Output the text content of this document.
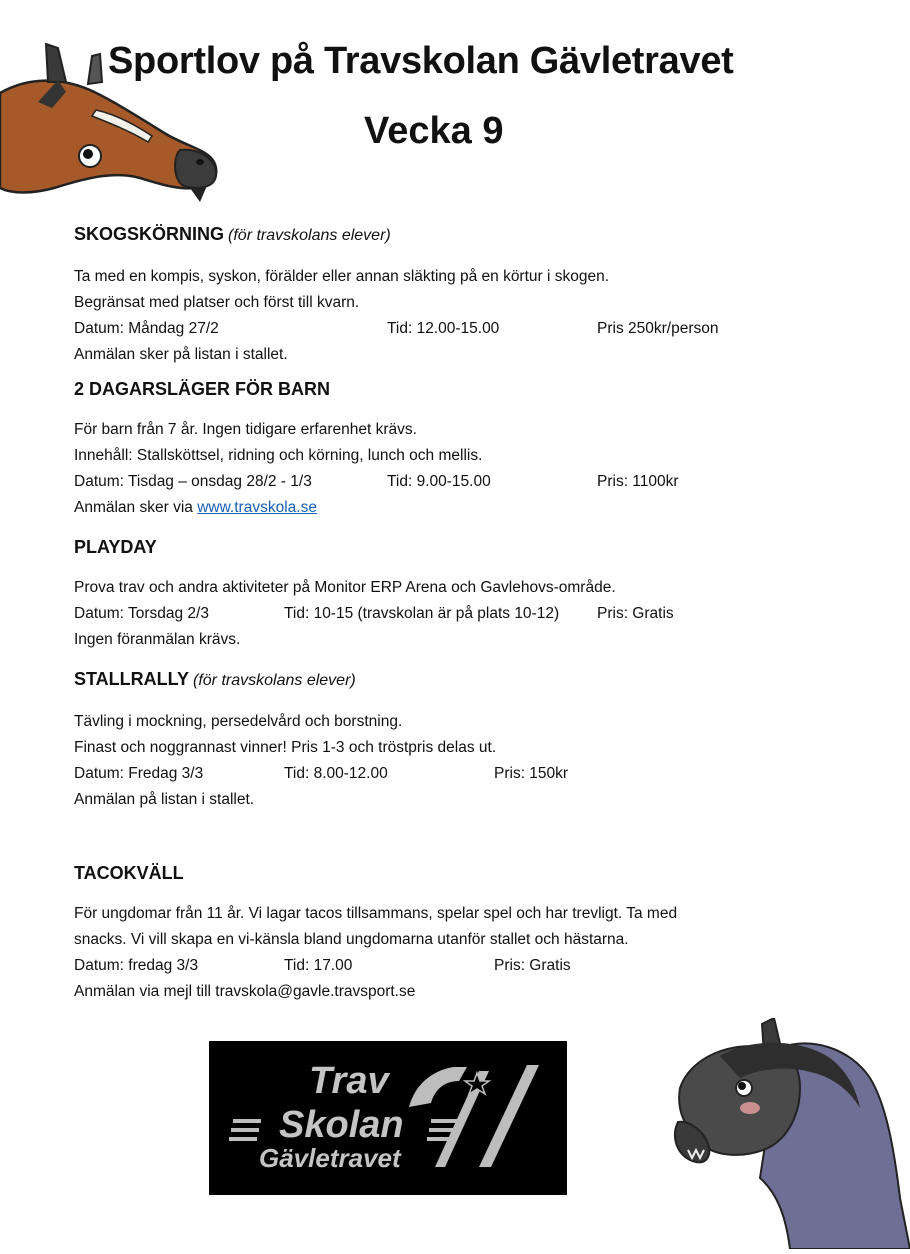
Sportlov på Travskolan Gävletravet
Vecka 9
SKOGSKÖRNING (för travskolans elever)
Ta med en kompis, syskon, förälder eller annan släkting på en körtur i skogen.
Begränsat med platser och först till kvarn.
Datum: Måndag 27/2	Tid: 12.00-15.00	Pris 250kr/person
Anmälan sker på listan i stallet.
2 DAGARSLÄGER FÖR BARN
För barn från 7 år. Ingen tidigare erfarenhet krävs.
Innehåll: Stallsköttsel, ridning och körning, lunch och mellis.
Datum: Tisdag – onsdag 28/2 - 1/3	Tid: 9.00-15.00	Pris: 1100kr
Anmälan sker via www.travskola.se
PLAYDAY
Prova trav och andra aktiviteter på Monitor ERP Arena och Gavlehovs-område.
Datum: Torsdag 2/3	Tid: 10-15 (travskolan är på plats 10-12) Pris: Gratis
Ingen föranmälan krävs.
STALLRALLY (för travskolans elever)
Tävling i mockning, persedelvård och borstning.
Finast och noggrannast vinner! Pris 1-3 och tröstpris delas ut.
Datum: Fredag 3/3	Tid: 8.00-12.00	Pris: 150kr
Anmälan på listan i stallet.
TACOKVÄLL
För ungdomar från 11 år. Vi lagar tacos tillsammans, spelar spel och har trevligt. Ta med
snacks. Vi vill skapa en vi-känsla bland ungdomarna utanför stallet och hästarna.
Datum: fredag 3/3	Tid: 17.00	Pris: Gratis
Anmälan via mejl till travskola@gavle.travsport.se
Trav
Skolan
Gävletravet
